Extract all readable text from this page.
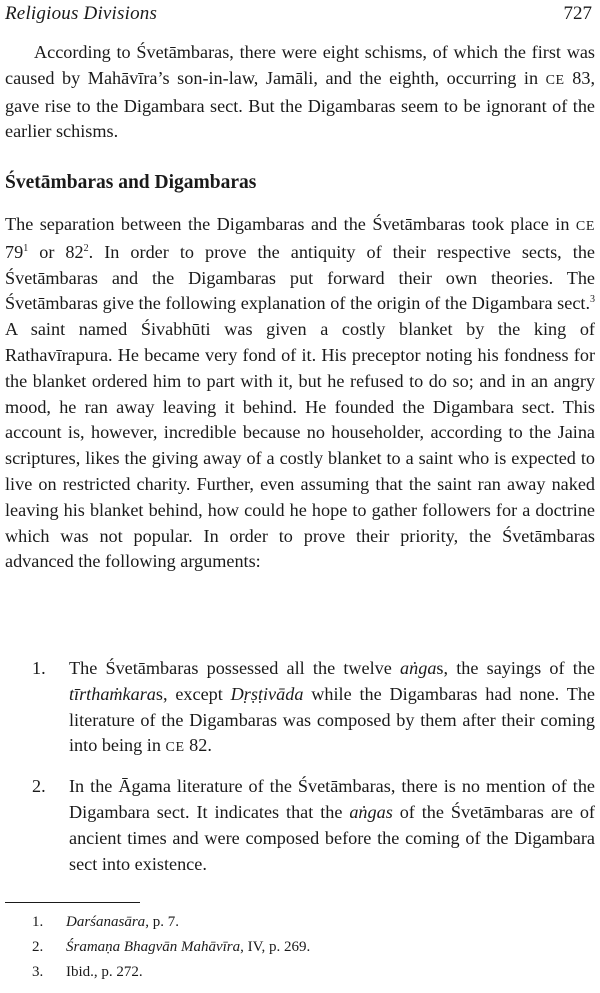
Religious Divisions	727

According to Śvetāmbaras, there were eight schisms, of which the first was caused by Mahāvīra’s son-in-law, Jamāli, and the eighth, occurring in CE 83, gave rise to the Digambara sect. But the Digambaras seem to be ignorant of the earlier schisms.

Śvetāmbaras and Digambaras

The separation between the Digambaras and the Śvetāmbaras took place in CE $79^1$ or $82^2$. In order to prove the antiquity of their respective sects, the Śvetāmbaras and the Digambaras put forward their own theories. The Śvetāmbaras give the following explanation of the origin of the Digambara sect.$^3$ A saint named Śivabhūti was given a costly blanket by the king of Rathavīrapura. He became very fond of it. His preceptor noting his fondness for the blanket ordered him to part with it, but he refused to do so; and in an angry mood, he ran away leaving it behind. He founded the Digambara sect. This account is, however, incredible because no householder, according to the Jaina scriptures, likes the giving away of a costly blanket to a saint who is expected to live on restricted charity. Further, even assuming that the saint ran away naked leaving his blanket behind, how could he hope to gather followers for a doctrine which was not popular. In order to prove their priority, the Śvetāmbaras advanced the following arguments:

1. The Śvetāmbaras possessed all the twelve aṅgas, the sayings of the tīrthaṁkaras, except Dṛṣṭivāda while the Digambaras had none. The literature of the Digambaras was composed by them after their coming into being in CE 82.
2. In the Āgama literature of the Śvetāmbaras, there is no mention of the Digambara sect. It indicates that the aṅgas of the Śvetāmbaras are of ancient times and were composed before the coming of the Digambara sect into existence.
1. Darśanasāra, p. 7.
2. Śramaṇa Bhagvān Mahāvīra, IV, p. 269.
3. Ibid., p. 272.
